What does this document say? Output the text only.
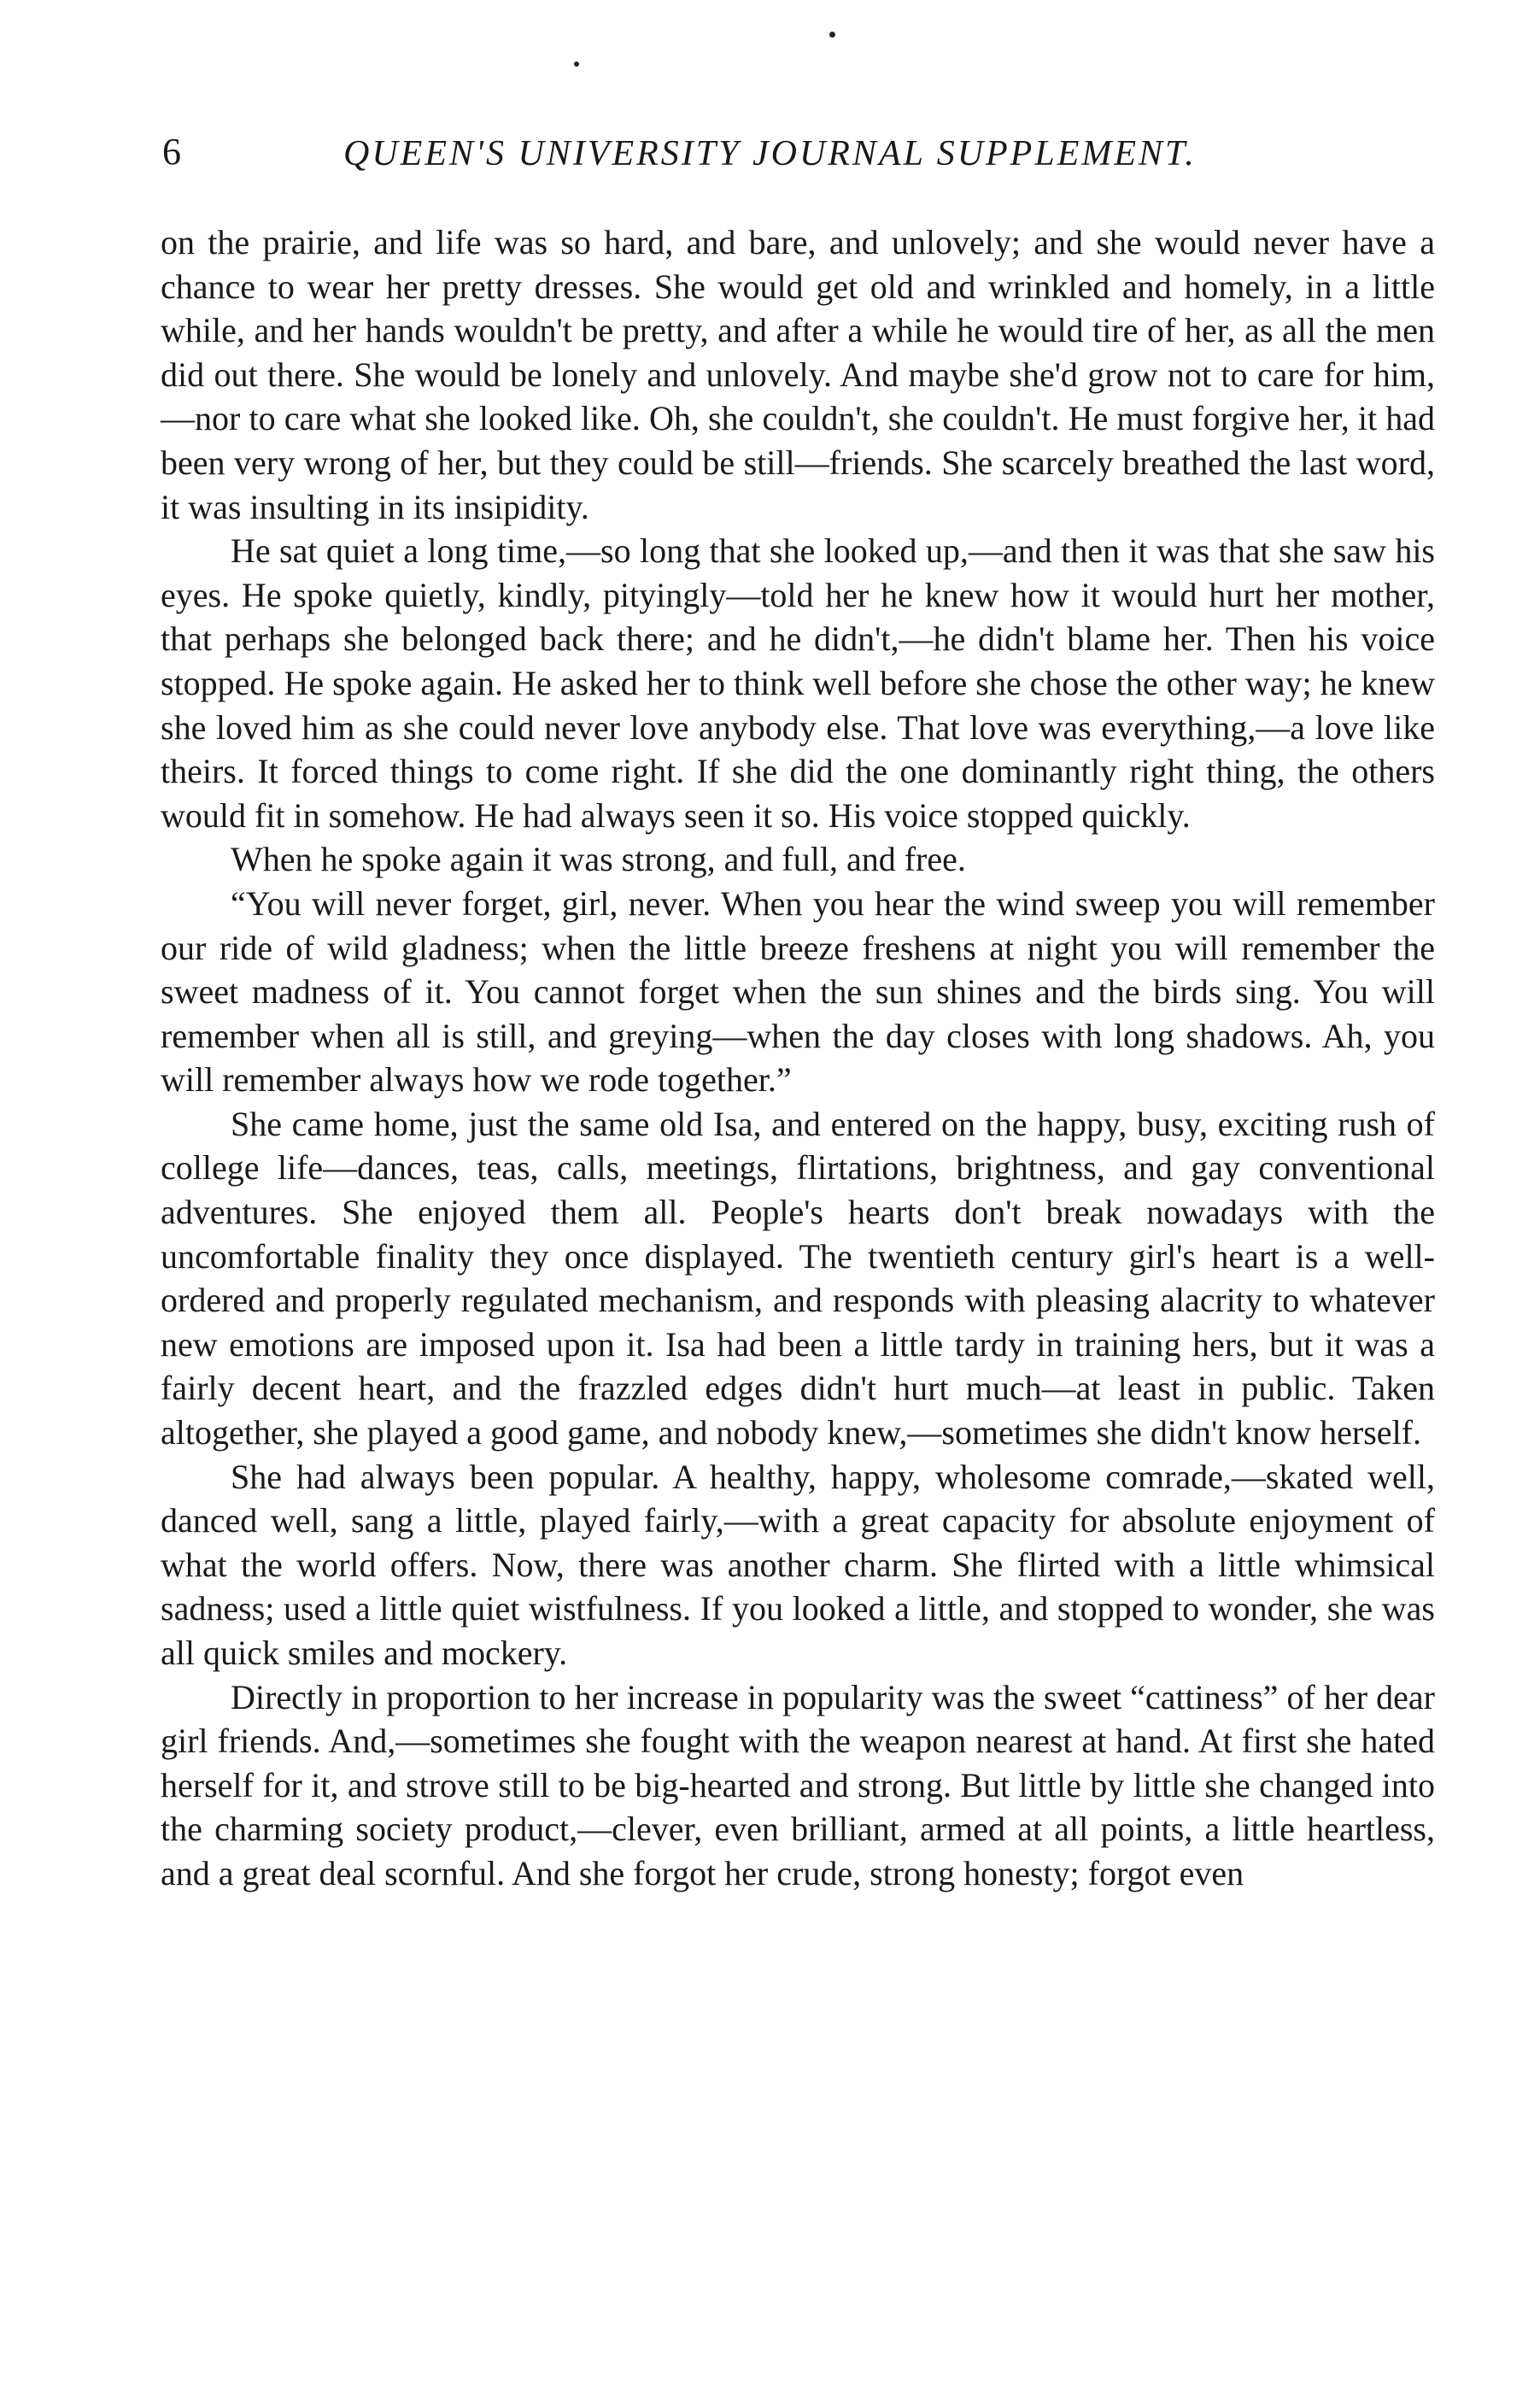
6	QUEEN'S UNIVERSITY JOURNAL SUPPLEMENT.

on the prairie, and life was so hard, and bare, and unlovely; and she would never have a chance to wear her pretty dresses. She would get old and wrinkled and homely, in a little while, and her hands wouldn't be pretty, and after a while he would tire of her, as all the men did out there. She would be lonely and unlovely. And maybe she'd grow not to care for him,—nor to care what she looked like. Oh, she couldn't, she couldn't. He must forgive her, it had been very wrong of her, but they could be still—friends. She scarcely breathed the last word, it was insulting in its insipidity.

He sat quiet a long time,—so long that she looked up,—and then it was that she saw his eyes. He spoke quietly, kindly, pityingly—told her he knew how it would hurt her mother, that perhaps she belonged back there; and he didn't,—he didn't blame her. Then his voice stopped. He spoke again. He asked her to think well before she chose the other way; he knew she loved him as she could never love anybody else. That love was everything,—a love like theirs. It forced things to come right. If she did the one dominantly right thing, the others would fit in somehow. He had always seen it so. His voice stopped quickly.

When he spoke again it was strong, and full, and free.

“You will never forget, girl, never. When you hear the wind sweep you will remember our ride of wild gladness; when the little breeze freshens at night you will remember the sweet madness of it. You cannot forget when the sun shines and the birds sing. You will remember when all is still, and greying—when the day closes with long shadows. Ah, you will remember always how we rode together.”

She came home, just the same old Isa, and entered on the happy, busy, exciting rush of college life—dances, teas, calls, meetings, flirtations, brightness, and gay conventional adventures. She enjoyed them all. People's hearts don't break nowadays with the uncomfortable finality they once displayed. The twentieth century girl's heart is a well-ordered and properly regulated mechanism, and responds with pleasing alacrity to whatever new emotions are imposed upon it. Isa had been a little tardy in training hers, but it was a fairly decent heart, and the frazzled edges didn't hurt much—at least in public. Taken altogether, she played a good game, and nobody knew,—sometimes she didn't know herself.

She had always been popular. A healthy, happy, wholesome comrade,—skated well, danced well, sang a little, played fairly,—with a great capacity for absolute enjoyment of what the world offers. Now, there was another charm. She flirted with a little whimsical sadness; used a little quiet wistfulness. If you looked a little, and stopped to wonder, she was all quick smiles and mockery.

Directly in proportion to her increase in popularity was the sweet “cattiness” of her dear girl friends. And,—sometimes she fought with the weapon nearest at hand. At first she hated herself for it, and strove still to be big-hearted and strong. But little by little she changed into the charming society product,—clever, even brilliant, armed at all points, a little heartless, and a great deal scornful. And she forgot her crude, strong honesty; forgot even
